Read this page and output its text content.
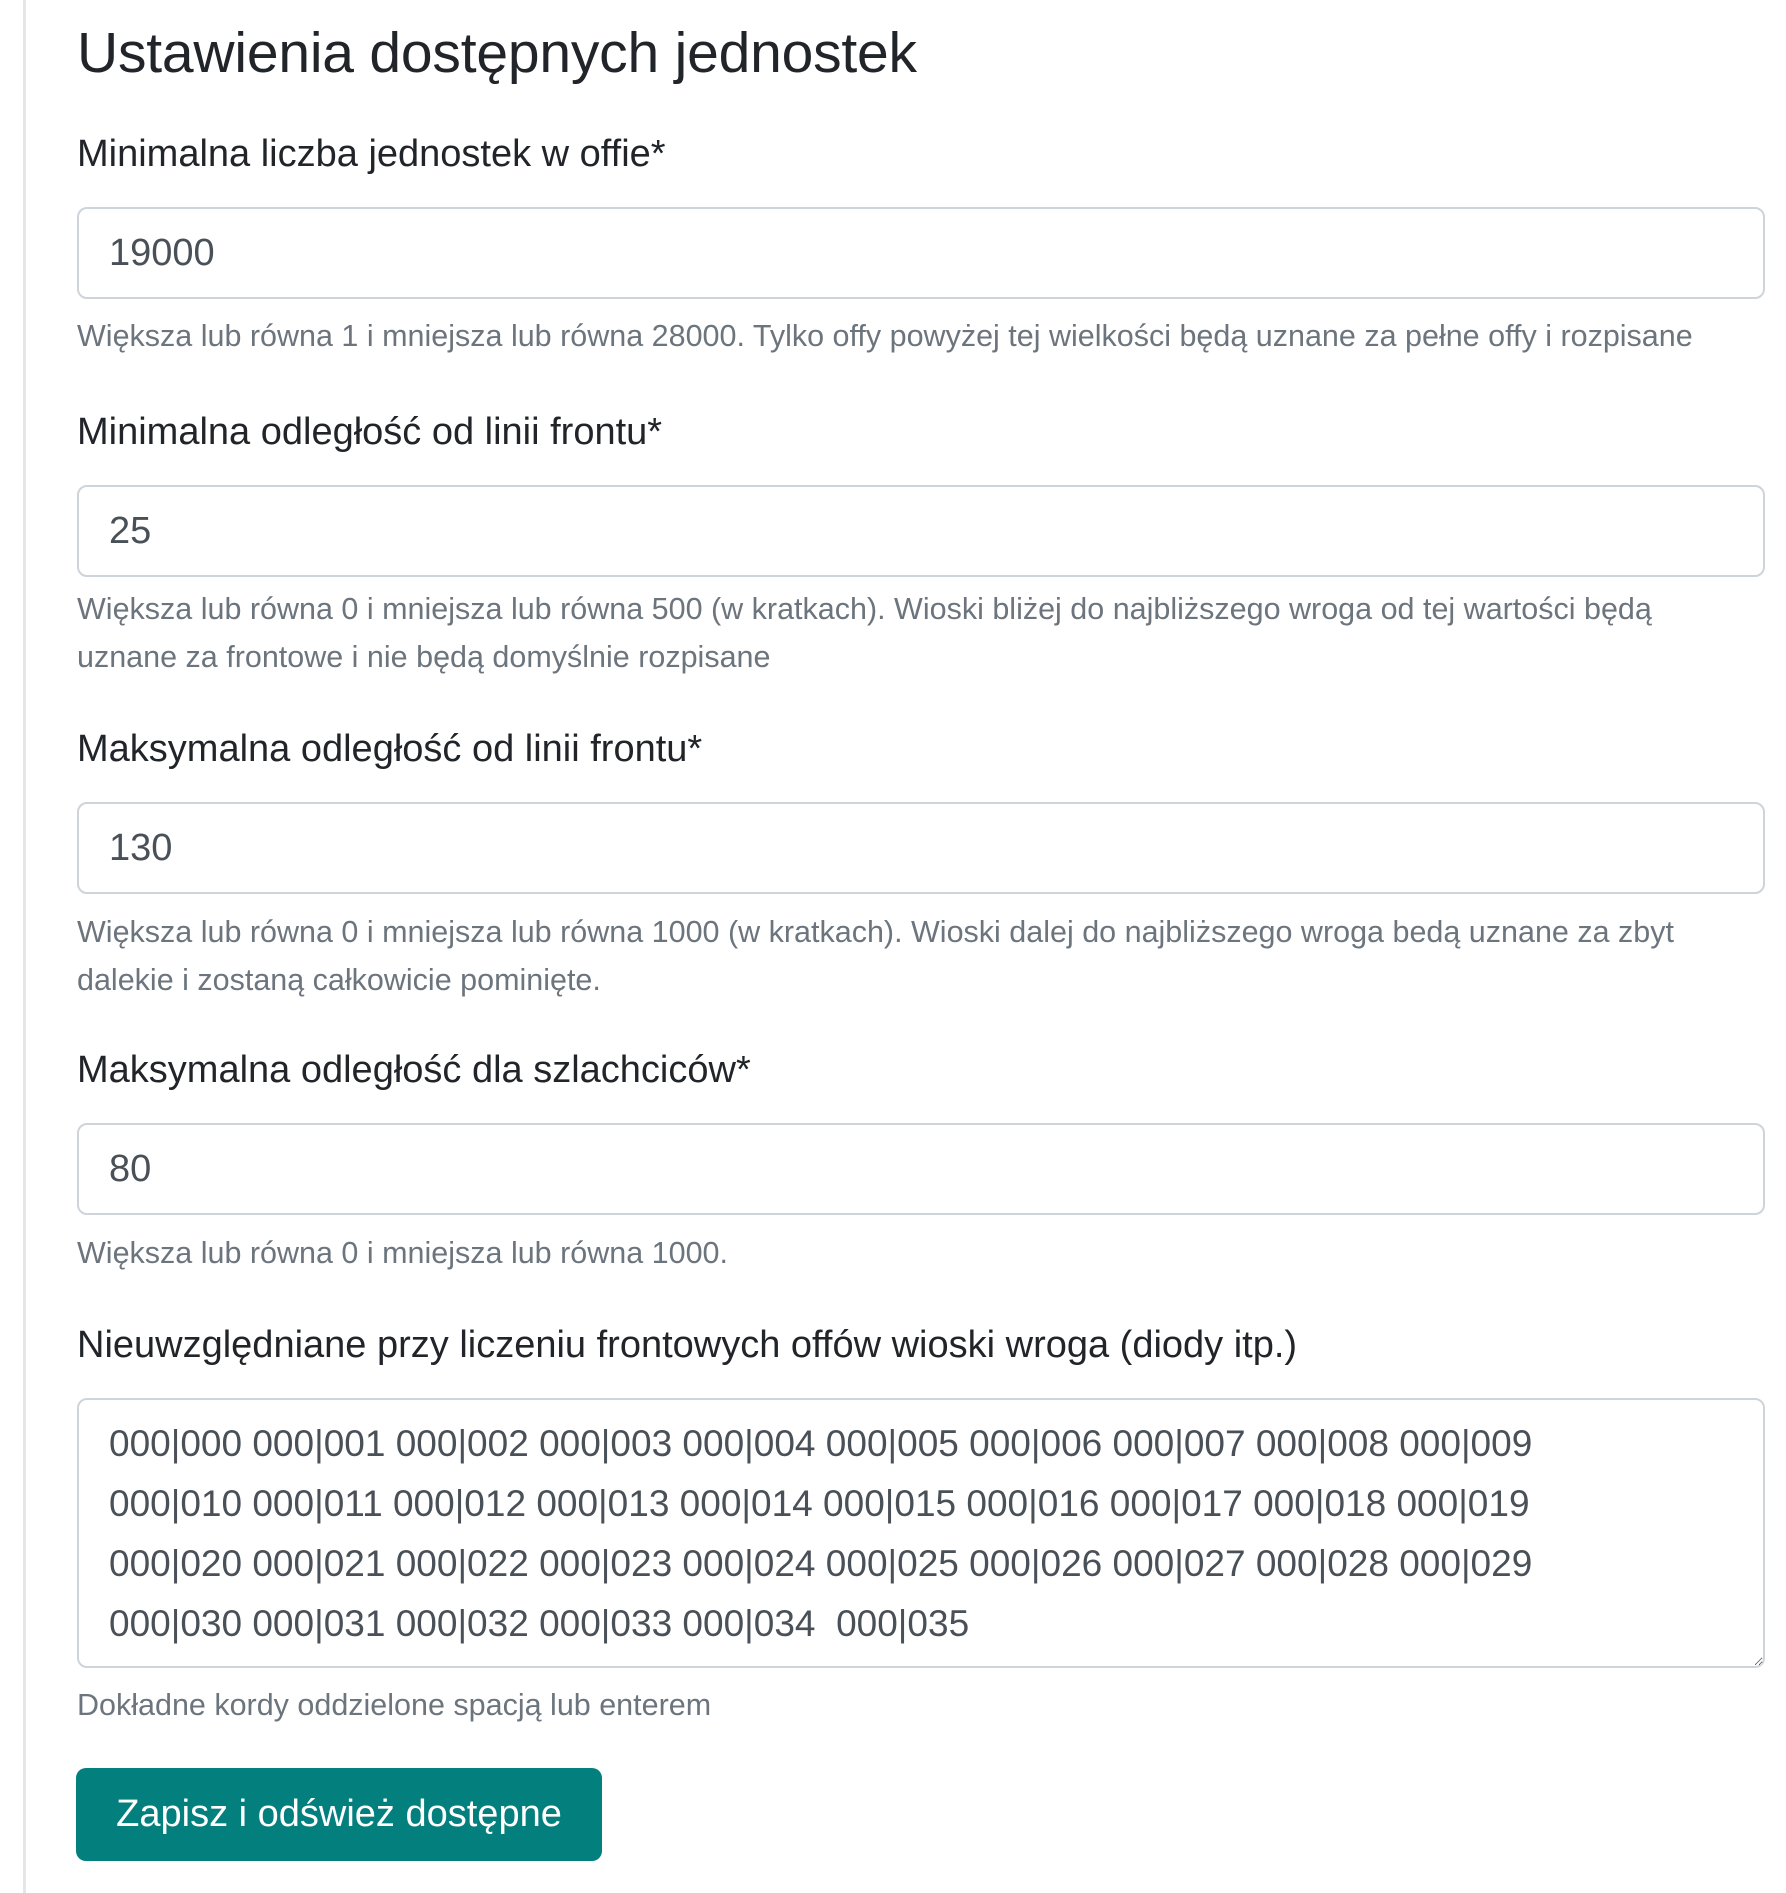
Ustawienia dostępnych jednostek
Minimalna liczba jednostek w offie*
19000
Większa lub równa 1 i mniejsza lub równa 28000. Tylko offy powyżej tej wielkości będą uznane za pełne offy i rozpisane
Minimalna odległość od linii frontu*
25
Większa lub równa 0 i mniejsza lub równa 500 (w kratkach). Wioski bliżej do najbliższego wroga od tej wartości będą uznane za frontowe i nie będą domyślnie rozpisane
Maksymalna odległość od linii frontu*
130
Większa lub równa 0 i mniejsza lub równa 1000 (w kratkach). Wioski dalej do najbliższego wroga bedą uznane za zbyt dalekie i zostaną całkowicie pominięte.
Maksymalna odległość dla szlachciców*
80
Większa lub równa 0 i mniejsza lub równa 1000.
Nieuwzględniane przy liczeniu frontowych offów wioski wroga (diody itp.)
000|000 000|001 000|002 000|003 000|004 000|005 000|006 000|007 000|008 000|009 000|010 000|011 000|012 000|013 000|014 000|015 000|016 000|017 000|018 000|019 000|020 000|021 000|022 000|023 000|024 000|025 000|026 000|027 000|028 000|029 000|030 000|031 000|032 000|033 000|034 000|035
Dokładne kordy oddzielone spacją lub enterem
Zapisz i odśwież dostępne
